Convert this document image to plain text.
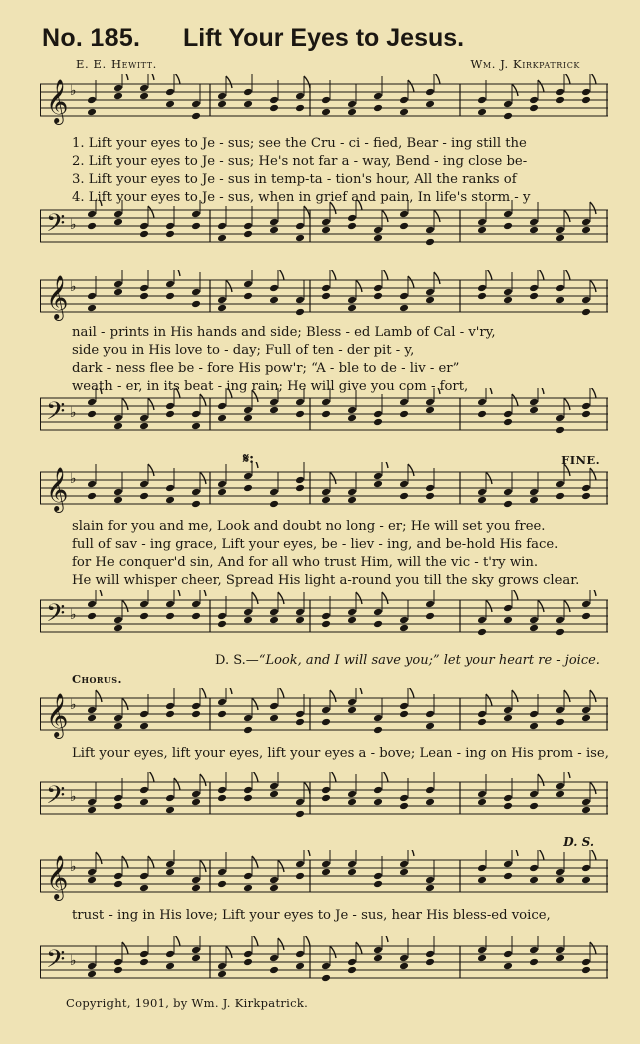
No. 185. Lift Your Eyes to Jesus.
E. E. Hewitt.	Wm. J. Kirkpatrick
𝄞 ♭
1. Lift your eyes to Je - sus; see the Cru - ci - fied, Bear - ing still the
2. Lift your eyes to Je - sus; He's not far a - way, Bend - ing close be-
3. Lift your eyes to Je - sus in temp-ta - tion's hour, All the ranks of
4. Lift your eyes to Je - sus, when in grief and pain, In life's storm - y
𝄢 ♭
𝄞 ♭
nail - prints in His hands and side; Bless - ed Lamb of Cal - v'ry,
side you in His love to - day; Full of ten - der pit - y,
dark - ness flee be - fore His pow'r; “A - ble to de - liv - er”
weath - er, in its beat - ing rain; He will give you com - fort,
𝄢 ♭
𝄋:	FINE.
𝄞 ♭
slain for you and me, Look and doubt no long - er; He will set you free.
full of sav - ing grace, Lift your eyes, be - liev - ing, and be-hold His face.
for He conquer'd sin, And for all who trust Him, will the vic - t'ry win.
He will whisper cheer, Spread His light a-round you till the sky grows clear.
𝄢 ♭
D. S.—“Look, and I will save you;” let your heart re - joice.
Chorus.
𝄞 ♭
Lift your eyes, lift your eyes, lift your eyes a - bove; Lean - ing on His prom - ise,
𝄢 ♭
D. S.
𝄞 ♭
trust - ing in His love; Lift your eyes to Je - sus, hear His bless-ed voice,
𝄢 ♭
Copyright, 1901, by Wm. J. Kirkpatrick.
